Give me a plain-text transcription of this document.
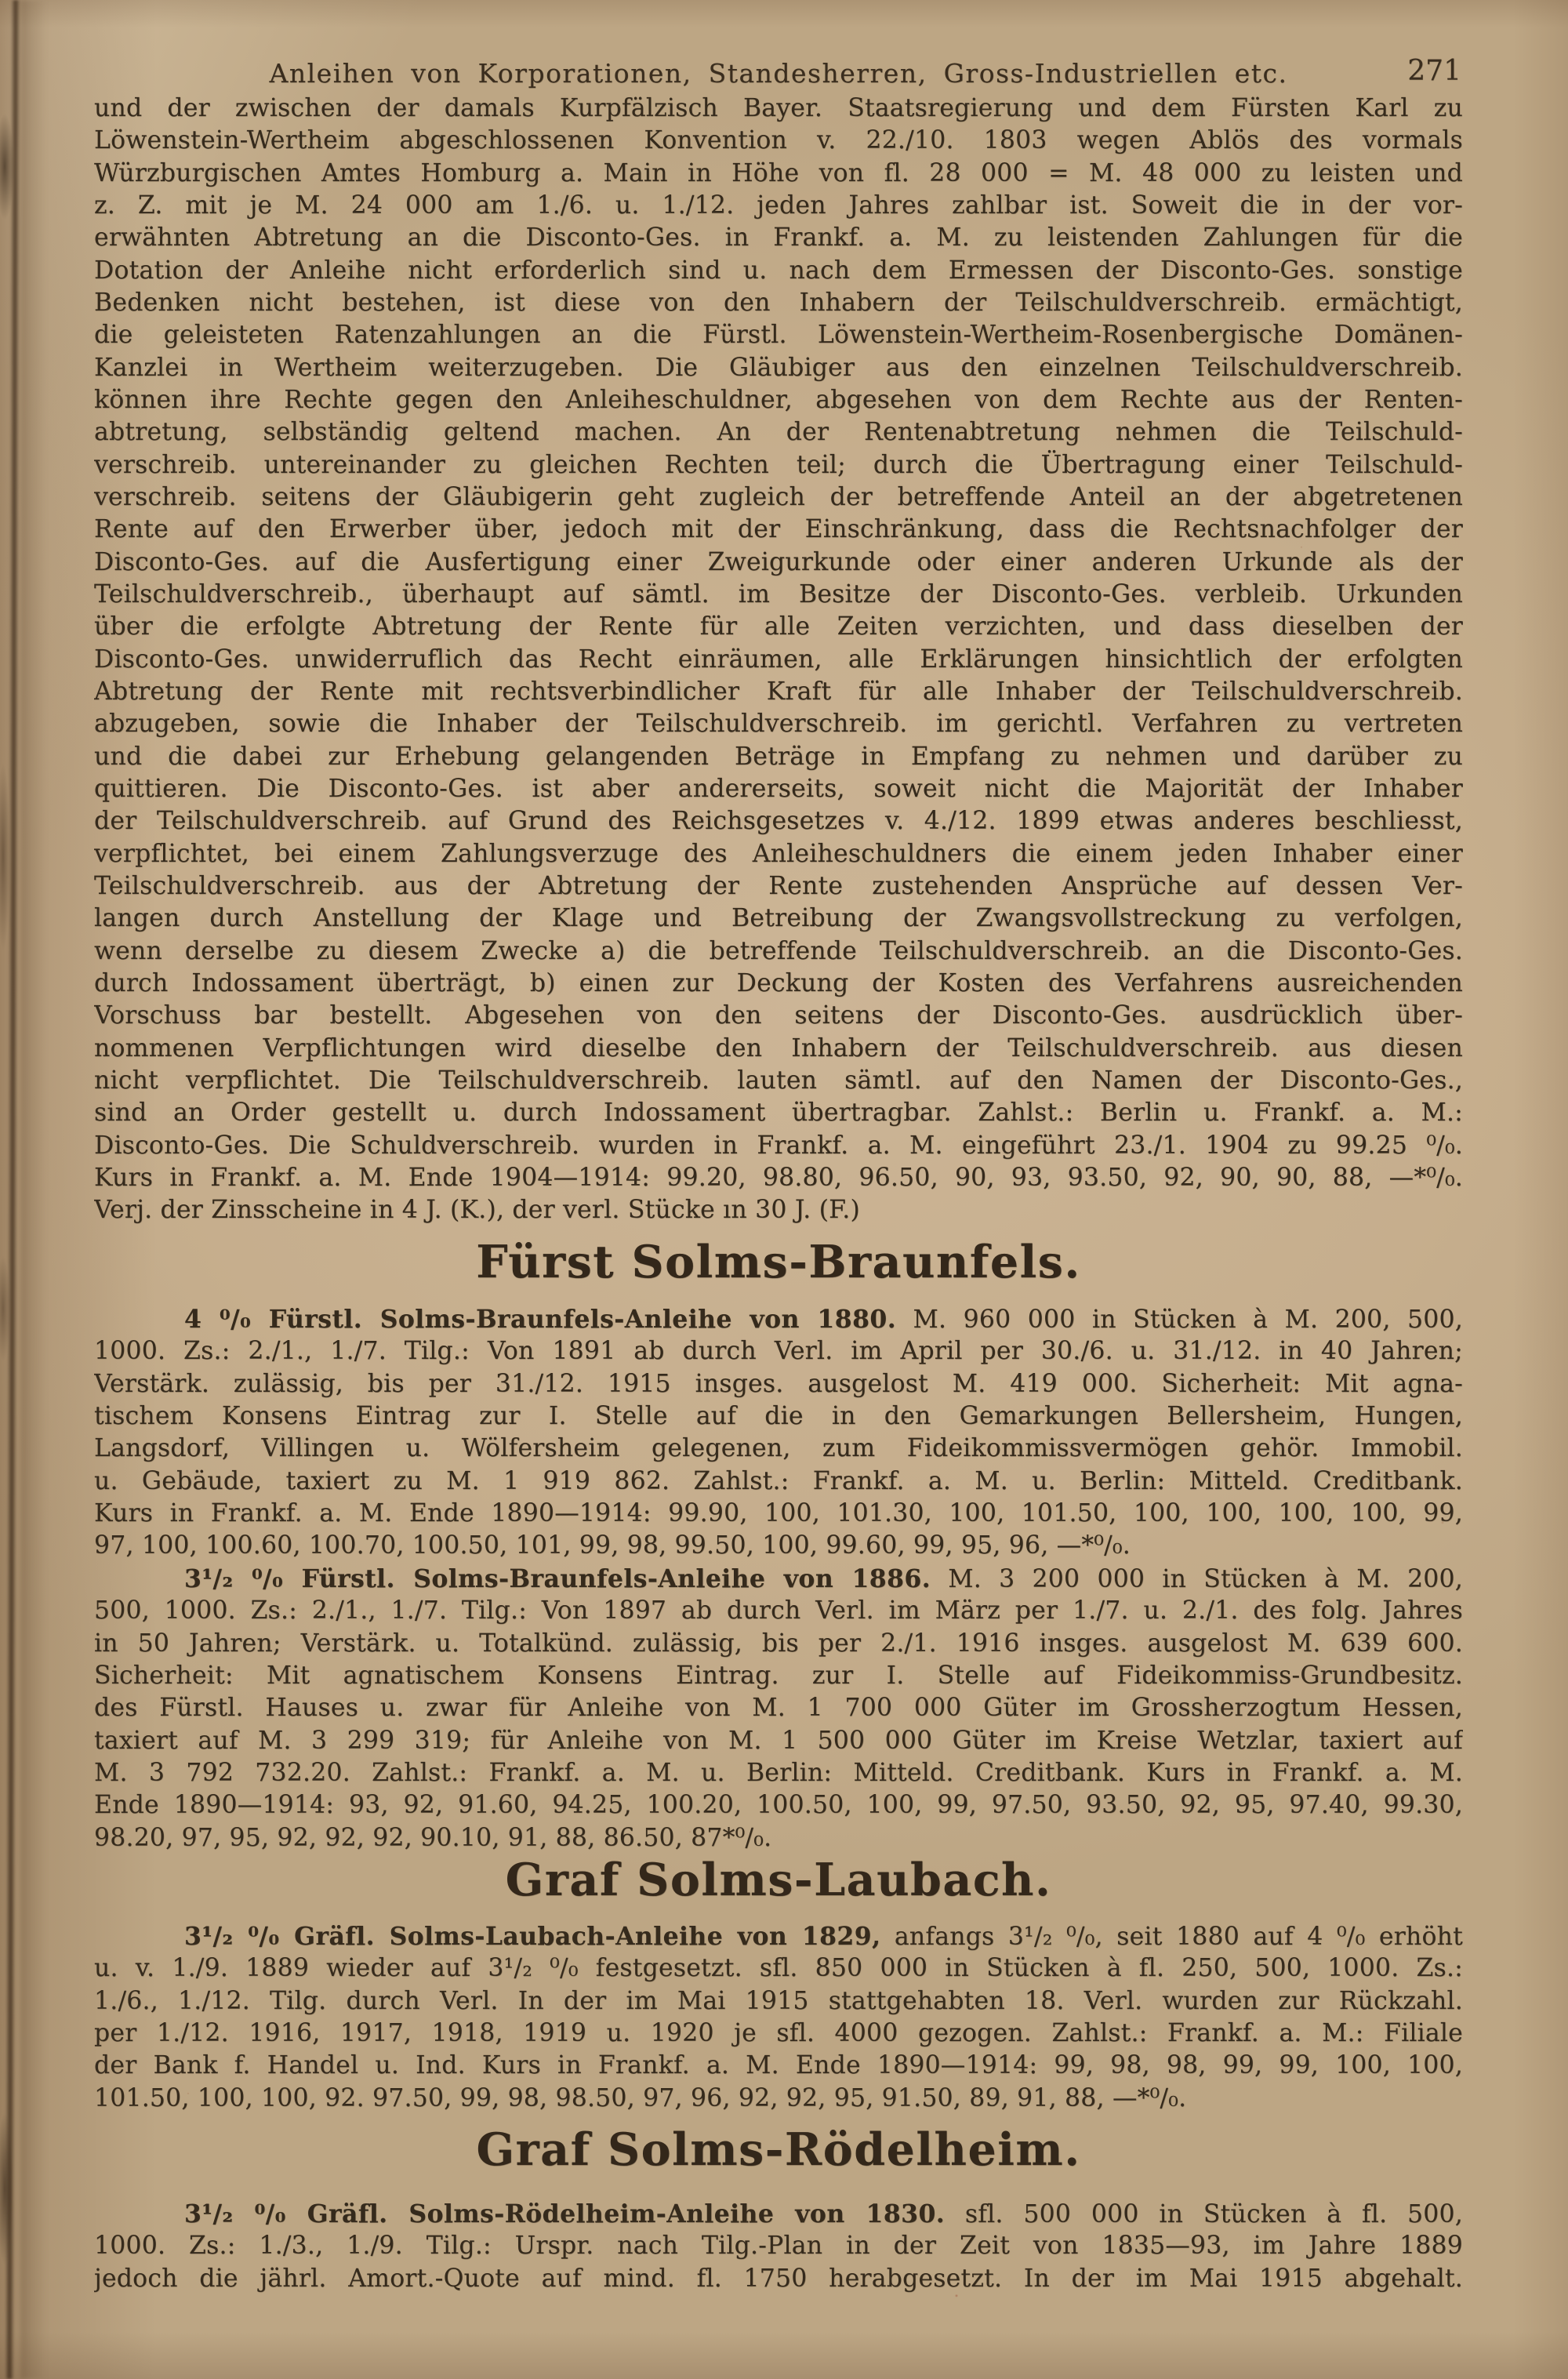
Anleihen von Korporationen, Standesherren, Gross-Industriellen etc.	271
und der zwischen der damals Kurpfälzisch Bayer. Staatsregierung und dem Fürsten Karl zu
Löwenstein-Wertheim abgeschlossenen Konvention v. 22./10. 1803 wegen Ablös des vormals
Würzburgischen Amtes Homburg a. Main in Höhe von fl. 28 000 = M. 48 000 zu leisten und
z. Z. mit je M. 24 000 am 1./6. u. 1./12. jeden Jahres zahlbar ist. Soweit die in der vor-
erwähnten Abtretung an die Disconto-Ges. in Frankf. a. M. zu leistenden Zahlungen für die
Dotation der Anleihe nicht erforderlich sind u. nach dem Ermessen der Disconto-Ges. sonstige
Bedenken nicht bestehen, ist diese von den Inhabern der Teilschuldverschreib. ermächtigt,
die geleisteten Ratenzahlungen an die Fürstl. Löwenstein-Wertheim-Rosenbergische Domänen-
Kanzlei in Wertheim weiterzugeben. Die Gläubiger aus den einzelnen Teilschuldverschreib.
können ihre Rechte gegen den Anleiheschuldner, abgesehen von dem Rechte aus der Renten-
abtretung, selbständig geltend machen. An der Rentenabtretung nehmen die Teilschuld-
verschreib. untereinander zu gleichen Rechten teil; durch die Übertragung einer Teilschuld-
verschreib. seitens der Gläubigerin geht zugleich der betreffende Anteil an der abgetretenen
Rente auf den Erwerber über, jedoch mit der Einschränkung, dass die Rechtsnachfolger der
Disconto-Ges. auf die Ausfertigung einer Zweigurkunde oder einer anderen Urkunde als der
Teilschuldverschreib., überhaupt auf sämtl. im Besitze der Disconto-Ges. verbleib. Urkunden
über die erfolgte Abtretung der Rente für alle Zeiten verzichten, und dass dieselben der
Disconto-Ges. unwiderruflich das Recht einräumen, alle Erklärungen hinsichtlich der erfolgten
Abtretung der Rente mit rechtsverbindlicher Kraft für alle Inhaber der Teilschuldverschreib.
abzugeben, sowie die Inhaber der Teilschuldverschreib. im gerichtl. Verfahren zu vertreten
und die dabei zur Erhebung gelangenden Beträge in Empfang zu nehmen und darüber zu
quittieren. Die Disconto-Ges. ist aber andererseits, soweit nicht die Majorität der Inhaber
der Teilschuldverschreib. auf Grund des Reichsgesetzes v. 4./12. 1899 etwas anderes beschliesst,
verpflichtet, bei einem Zahlungsverzuge des Anleiheschuldners die einem jeden Inhaber einer
Teilschuldverschreib. aus der Abtretung der Rente zustehenden Ansprüche auf dessen Ver-
langen durch Anstellung der Klage und Betreibung der Zwangsvollstreckung zu verfolgen,
wenn derselbe zu diesem Zwecke a) die betreffende Teilschuldverschreib. an die Disconto-Ges.
durch Indossament überträgt, b) einen zur Deckung der Kosten des Verfahrens ausreichenden
Vorschuss bar bestellt. Abgesehen von den seitens der Disconto-Ges. ausdrücklich über-
nommenen Verpflichtungen wird dieselbe den Inhabern der Teilschuldverschreib. aus diesen
nicht verpflichtet. Die Teilschuldverschreib. lauten sämtl. auf den Namen der Disconto-Ges.,
sind an Order gestellt u. durch Indossament übertragbar. Zahlst.: Berlin u. Frankf. a. M.:
Disconto-Ges. Die Schuldverschreib. wurden in Frankf. a. M. eingeführt 23./1. 1904 zu 99.25 ⁰/₀.
Kurs in Frankf. a. M. Ende 1904—1914: 99.20, 98.80, 96.50, 90, 93, 93.50, 92, 90, 90, 88, —*⁰/₀.
Verj. der Zinsscheine in 4 J. (K.), der verl. Stücke ın 30 J. (F.)
Fürst Solms-Braunfels.
4 ⁰/₀ Fürstl. Solms-Braunfels-Anleihe von 1880. M. 960 000 in Stücken à M. 200, 500,
1000. Zs.: 2./1., 1./7. Tilg.: Von 1891 ab durch Verl. im April per 30./6. u. 31./12. in 40 Jahren;
Verstärk. zulässig, bis per 31./12. 1915 insges. ausgelost M. 419 000. Sicherheit: Mit agna-
tischem Konsens Eintrag zur I. Stelle auf die in den Gemarkungen Bellersheim, Hungen,
Langsdorf, Villingen u. Wölfersheim gelegenen, zum Fideikommissvermögen gehör. Immobil.
u. Gebäude, taxiert zu M. 1 919 862. Zahlst.: Frankf. a. M. u. Berlin: Mitteld. Creditbank.
Kurs in Frankf. a. M. Ende 1890—1914: 99.90, 100, 101.30, 100, 101.50, 100, 100, 100, 100, 99,
97, 100, 100.60, 100.70, 100.50, 101, 99, 98, 99.50, 100, 99.60, 99, 95, 96, —*⁰/₀.
3¹/₂ ⁰/₀ Fürstl. Solms-Braunfels-Anleihe von 1886. M. 3 200 000 in Stücken à M. 200,
500, 1000. Zs.: 2./1., 1./7. Tilg.: Von 1897 ab durch Verl. im März per 1./7. u. 2./1. des folg. Jahres
in 50 Jahren; Verstärk. u. Totalkünd. zulässig, bis per 2./1. 1916 insges. ausgelost M. 639 600.
Sicherheit: Mit agnatischem Konsens Eintrag. zur I. Stelle auf Fideikommiss-Grundbesitz.
des Fürstl. Hauses u. zwar für Anleihe von M. 1 700 000 Güter im Grossherzogtum Hessen,
taxiert auf M. 3 299 319; für Anleihe von M. 1 500 000 Güter im Kreise Wetzlar, taxiert auf
M. 3 792 732.20. Zahlst.: Frankf. a. M. u. Berlin: Mitteld. Creditbank. Kurs in Frankf. a. M.
Ende 1890—1914: 93, 92, 91.60, 94.25, 100.20, 100.50, 100, 99, 97.50, 93.50, 92, 95, 97.40, 99.30,
98.20, 97, 95, 92, 92, 92, 90.10, 91, 88, 86.50, 87*⁰/₀.
Graf Solms-Laubach.
3¹/₂ ⁰/₀ Gräfl. Solms-Laubach-Anleihe von 1829, anfangs 3¹/₂ ⁰/₀, seit 1880 auf 4 ⁰/₀ erhöht
u. v. 1./9. 1889 wieder auf 3¹/₂ ⁰/₀ festgesetzt. sfl. 850 000 in Stücken à fl. 250, 500, 1000. Zs.:
1./6., 1./12. Tilg. durch Verl. In der im Mai 1915 stattgehabten 18. Verl. wurden zur Rückzahl.
per 1./12. 1916, 1917, 1918, 1919 u. 1920 je sfl. 4000 gezogen. Zahlst.: Frankf. a. M.: Filiale
der Bank f. Handel u. Ind. Kurs in Frankf. a. M. Ende 1890—1914: 99, 98, 98, 99, 99, 100, 100,
101.50, 100, 100, 92. 97.50, 99, 98, 98.50, 97, 96, 92, 92, 95, 91.50, 89, 91, 88, —*⁰/₀.
Graf Solms-Rödelheim.
3¹/₂ ⁰/₀ Gräfl. Solms-Rödelheim-Anleihe von 1830. sfl. 500 000 in Stücken à fl. 500,
1000. Zs.: 1./3., 1./9. Tilg.: Urspr. nach Tilg.-Plan in der Zeit von 1835—93, im Jahre 1889
jedoch die jährl. Amort.-Quote auf mind. fl. 1750 herabgesetzt. In der im Mai 1915 abgehalt.
